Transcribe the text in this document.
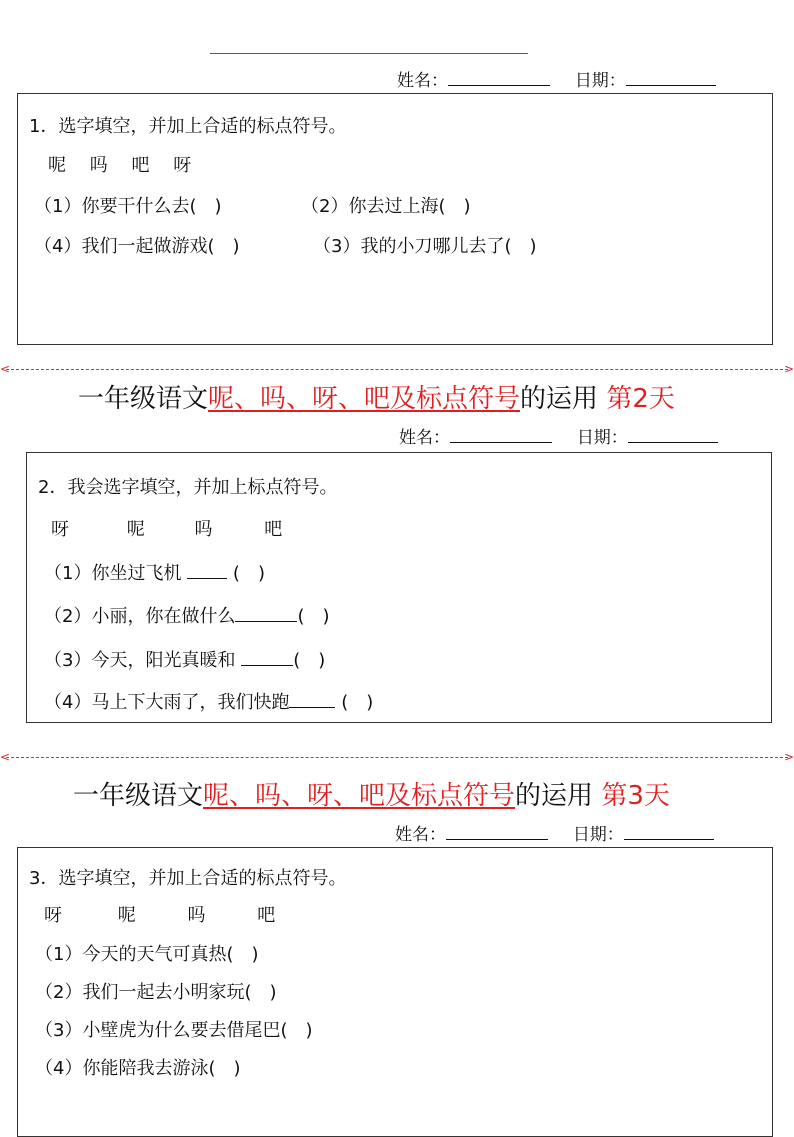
姓名：	日期：
1．选字填空，并加上合适的标点符号。
呢 吗 吧 呀
（1）你要干什么去(　)	（2）你去过上海(　)
（4）我们一起做游戏(　)	（3）我的小刀哪儿去了(　)
<	>
一年级语文呢、吗、呀、吧及标点符号的运用 第2天
姓名：	日期：
2．我会选字填空，并加上标点符号。
呀	呢	吗	吧
（1）你坐过飞机	(　)
（2）小丽，你在做什么	(　)
（3）今天，阳光真暖和	(　)
（4）马上下大雨了，我们快跑	(　)
<	>
一年级语文呢、吗、呀、吧及标点符号的运用 第3天
姓名：	日期：
3．选字填空，并加上合适的标点符号。
呀	呢	吗	吧
（1）今天的天气可真热(　)
（2）我们一起去小明家玩(　)
（3）小壁虎为什么要去借尾巴(　)
（4）你能陪我去游泳(　)
